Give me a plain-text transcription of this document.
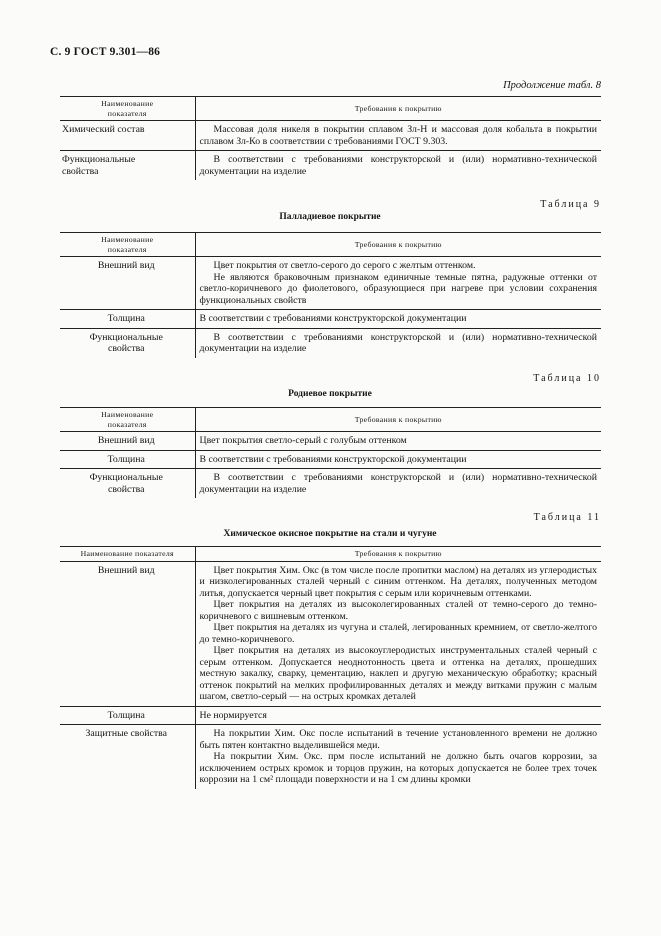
С. 9 ГОСТ 9.301—86
Продолжение табл. 8
Наименование
показателя	Требования к покрытию
Химический состав	Массовая доля никеля в покрытии сплавом Зл-Н и массовая доля кобальта в покрытии сплавом Зл-Ко в соответствии с требованиями ГОСТ 9.303.

Функциональные
свойства	В соответствии с требованиями конструкторской и (или) нормативно-технической документации на изделие

Таблица 9
Палладиевое покрытие
Наименование
показателя	Требования к покрытию
Внешний вид	Цвет покрытия от светло-серого до серого с желтым оттенком.

Не являются браковочным признаком единичные темные пятна, радужные оттенки от светло-коричневого до фиолетового, образующиеся при нагреве при условии сохранения функциональных свойств

Толщина	В соответствии с требованиями конструкторской документации

Функциональные
свойства	В соответствии с требованиями конструкторской и (или) нормативно-технической документации на изделие

Таблица 10
Родиевое покрытие
Наименование
показателя	Требования к покрытию
Внешний вид	Цвет покрытия светло-серый с голубым оттенком

Толщина	В соответствии с требованиями конструкторской документации

Функциональные
свойства	В соответствии с требованиями конструкторской и (или) нормативно-технической документации на изделие

Таблица 11
Химическое окисное покрытие на стали и чугуне
Наименование показателя	Требования к покрытию
Внешний вид	Цвет покрытия Хим. Окс (в том числе после пропитки маслом) на деталях из углеродистых и низколегированных сталей черный с синим оттенком. На деталях, полученных методом литья, допускается черный цвет покрытия с серым или коричневым оттенками.

Цвет покрытия на деталях из высоколегированных сталей от темно-серого до темно-коричневого с вишневым оттенком.

Цвет покрытия на деталях из чугуна и сталей, легированных кремнием, от светло-желтого до темно-коричневого.

Цвет покрытия на деталях из высокоуглеродистых инструментальных сталей черный с серым оттенком. Допускается неоднотонность цвета и оттенка на деталях, прошедших местную закалку, сварку, цементацию, наклеп и другую механическую обработку; красный оттенок покрытий на мелких профилированных деталях и между витками пружин с малым шагом, светло-серый — на острых кромках деталей

Толщина	Не нормируется

Защитные свойства	На покрытии Хим. Окс после испытаний в течение установленного времени не должно быть пятен контактно выделившейся меди.

На покрытии Хим. Окс. прм после испытаний не должно быть очагов коррозии, за исключением острых кромок и торцов пружин, на которых допускается не более трех точек коррозии на 1 см² площади поверхности и на 1 см длины кромки
